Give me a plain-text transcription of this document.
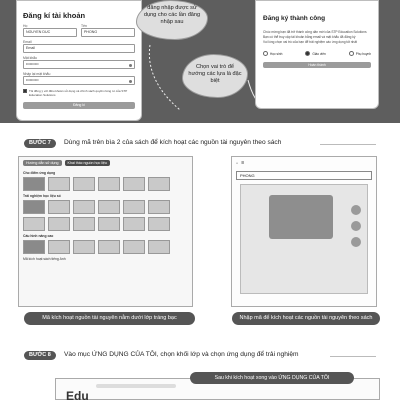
Đăng kí tài khoản
Họ
NGUYEN DUC
Tên
PHONG
Email
Email
Mật khẩu
••••••••••
Nhập lại mật khẩu
••••••••••
Tôi đồng ý với điều khoản sử dụng và chính sách quyền riêng tư của STP Education Solutions
Đăng kí
đăng nhập được sử dụng cho các lần đăng nhập sau
Chọn vai trò để hướng các lựa là đặc biệt
Đăng ký thành công
Chúc mừng bạn đã trở thành công dân mới của STP Education Solutions
Bạn có thể truy cập tài khoản bằng email và mật khẩu đã đăng ký
Vui lòng chọn vai trò của bạn để trải nghiệm các ứng dụng tốt nhất
Học sinh	Giáo viên	Phụ huynh
Hoàn thành
BƯỚC 7	Dùng mã trên bìa 2 của sách để kích hoạt các nguồn tài nguyên theo sách
Hướng dẫn sử dụng	Khai thác nguồn học liệu
Cho điểm ứng dụng
Trải nghiệm học liệu số
Cấu hình nâng cao
Mã kích hoạt sách tiếng Anh
⌂ ☰
PHONG
Mã kích hoạt nguồn tài nguyên nằm dưới lớp tráng bạc	Nhập mã để kích hoạt các nguồn tài nguyên theo sách
BƯỚC 8	Vào mục ỨNG DỤNG CỦA TÔI, chọn khối lớp và chọn ứng dụng để trải nghiệm
Edu
Sau khi kích hoạt xong vào ỨNG DỤNG CỦA TÔI
